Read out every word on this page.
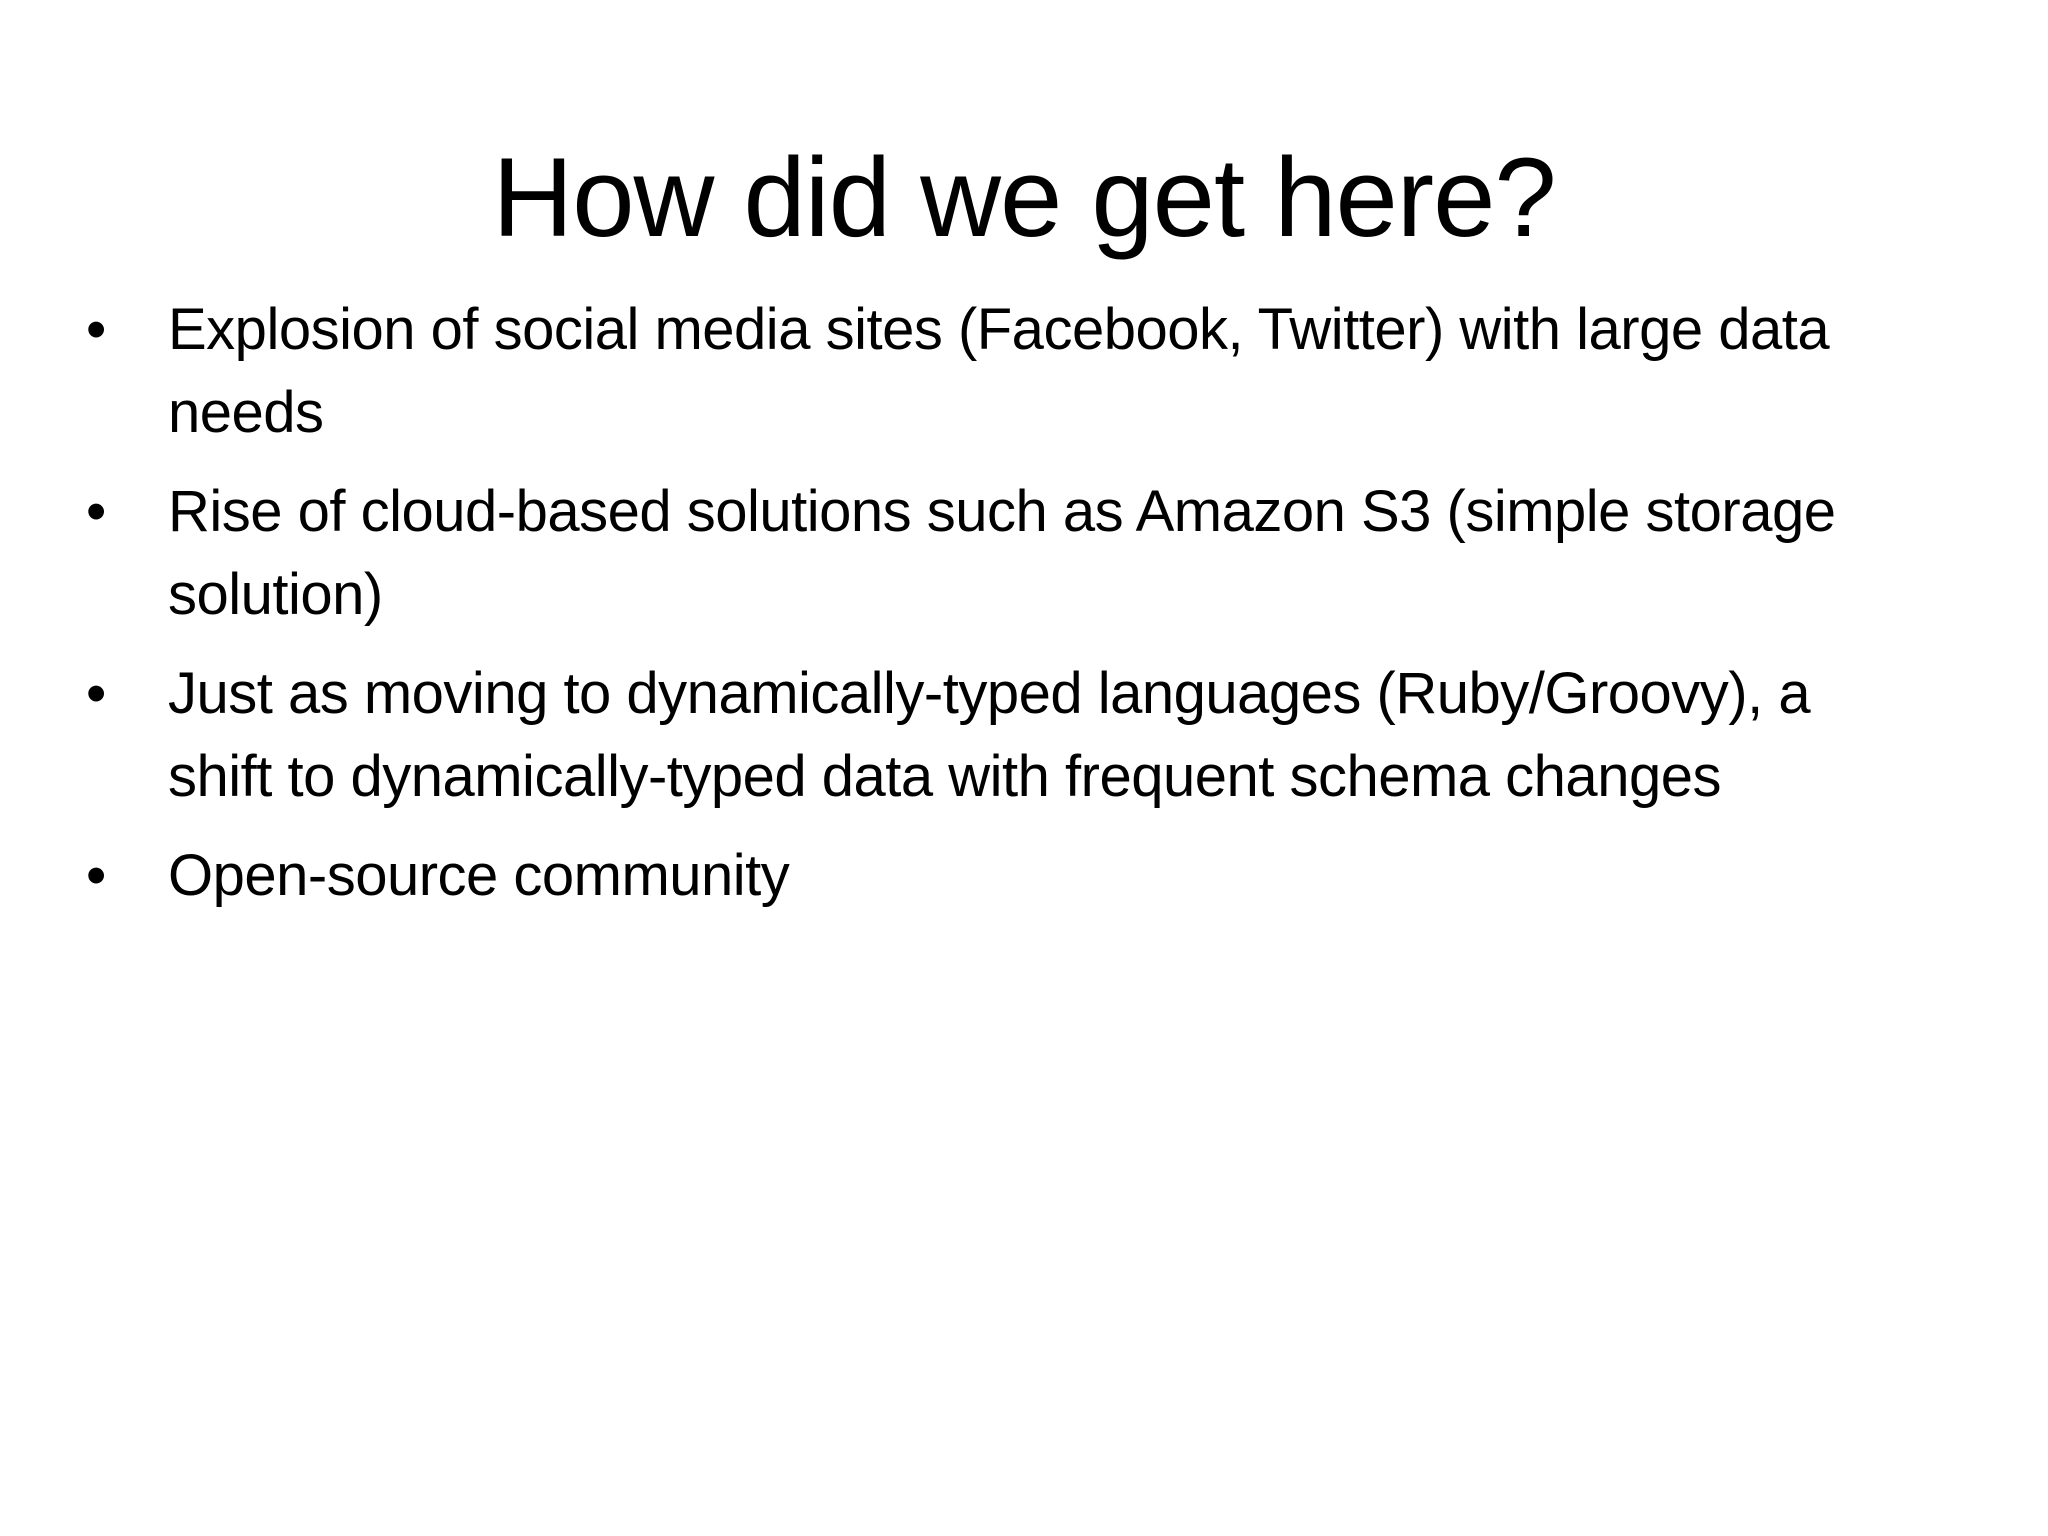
How did we get here?
• Explosion of social media sites (Facebook, Twitter) with large data needs
• Rise of cloud-based solutions such as Amazon S3 (simple storage solution)
• Just as moving to dynamically-typed languages (Ruby/Groovy), a shift to dynamically-typed data with frequent schema changes
• Open-source community
